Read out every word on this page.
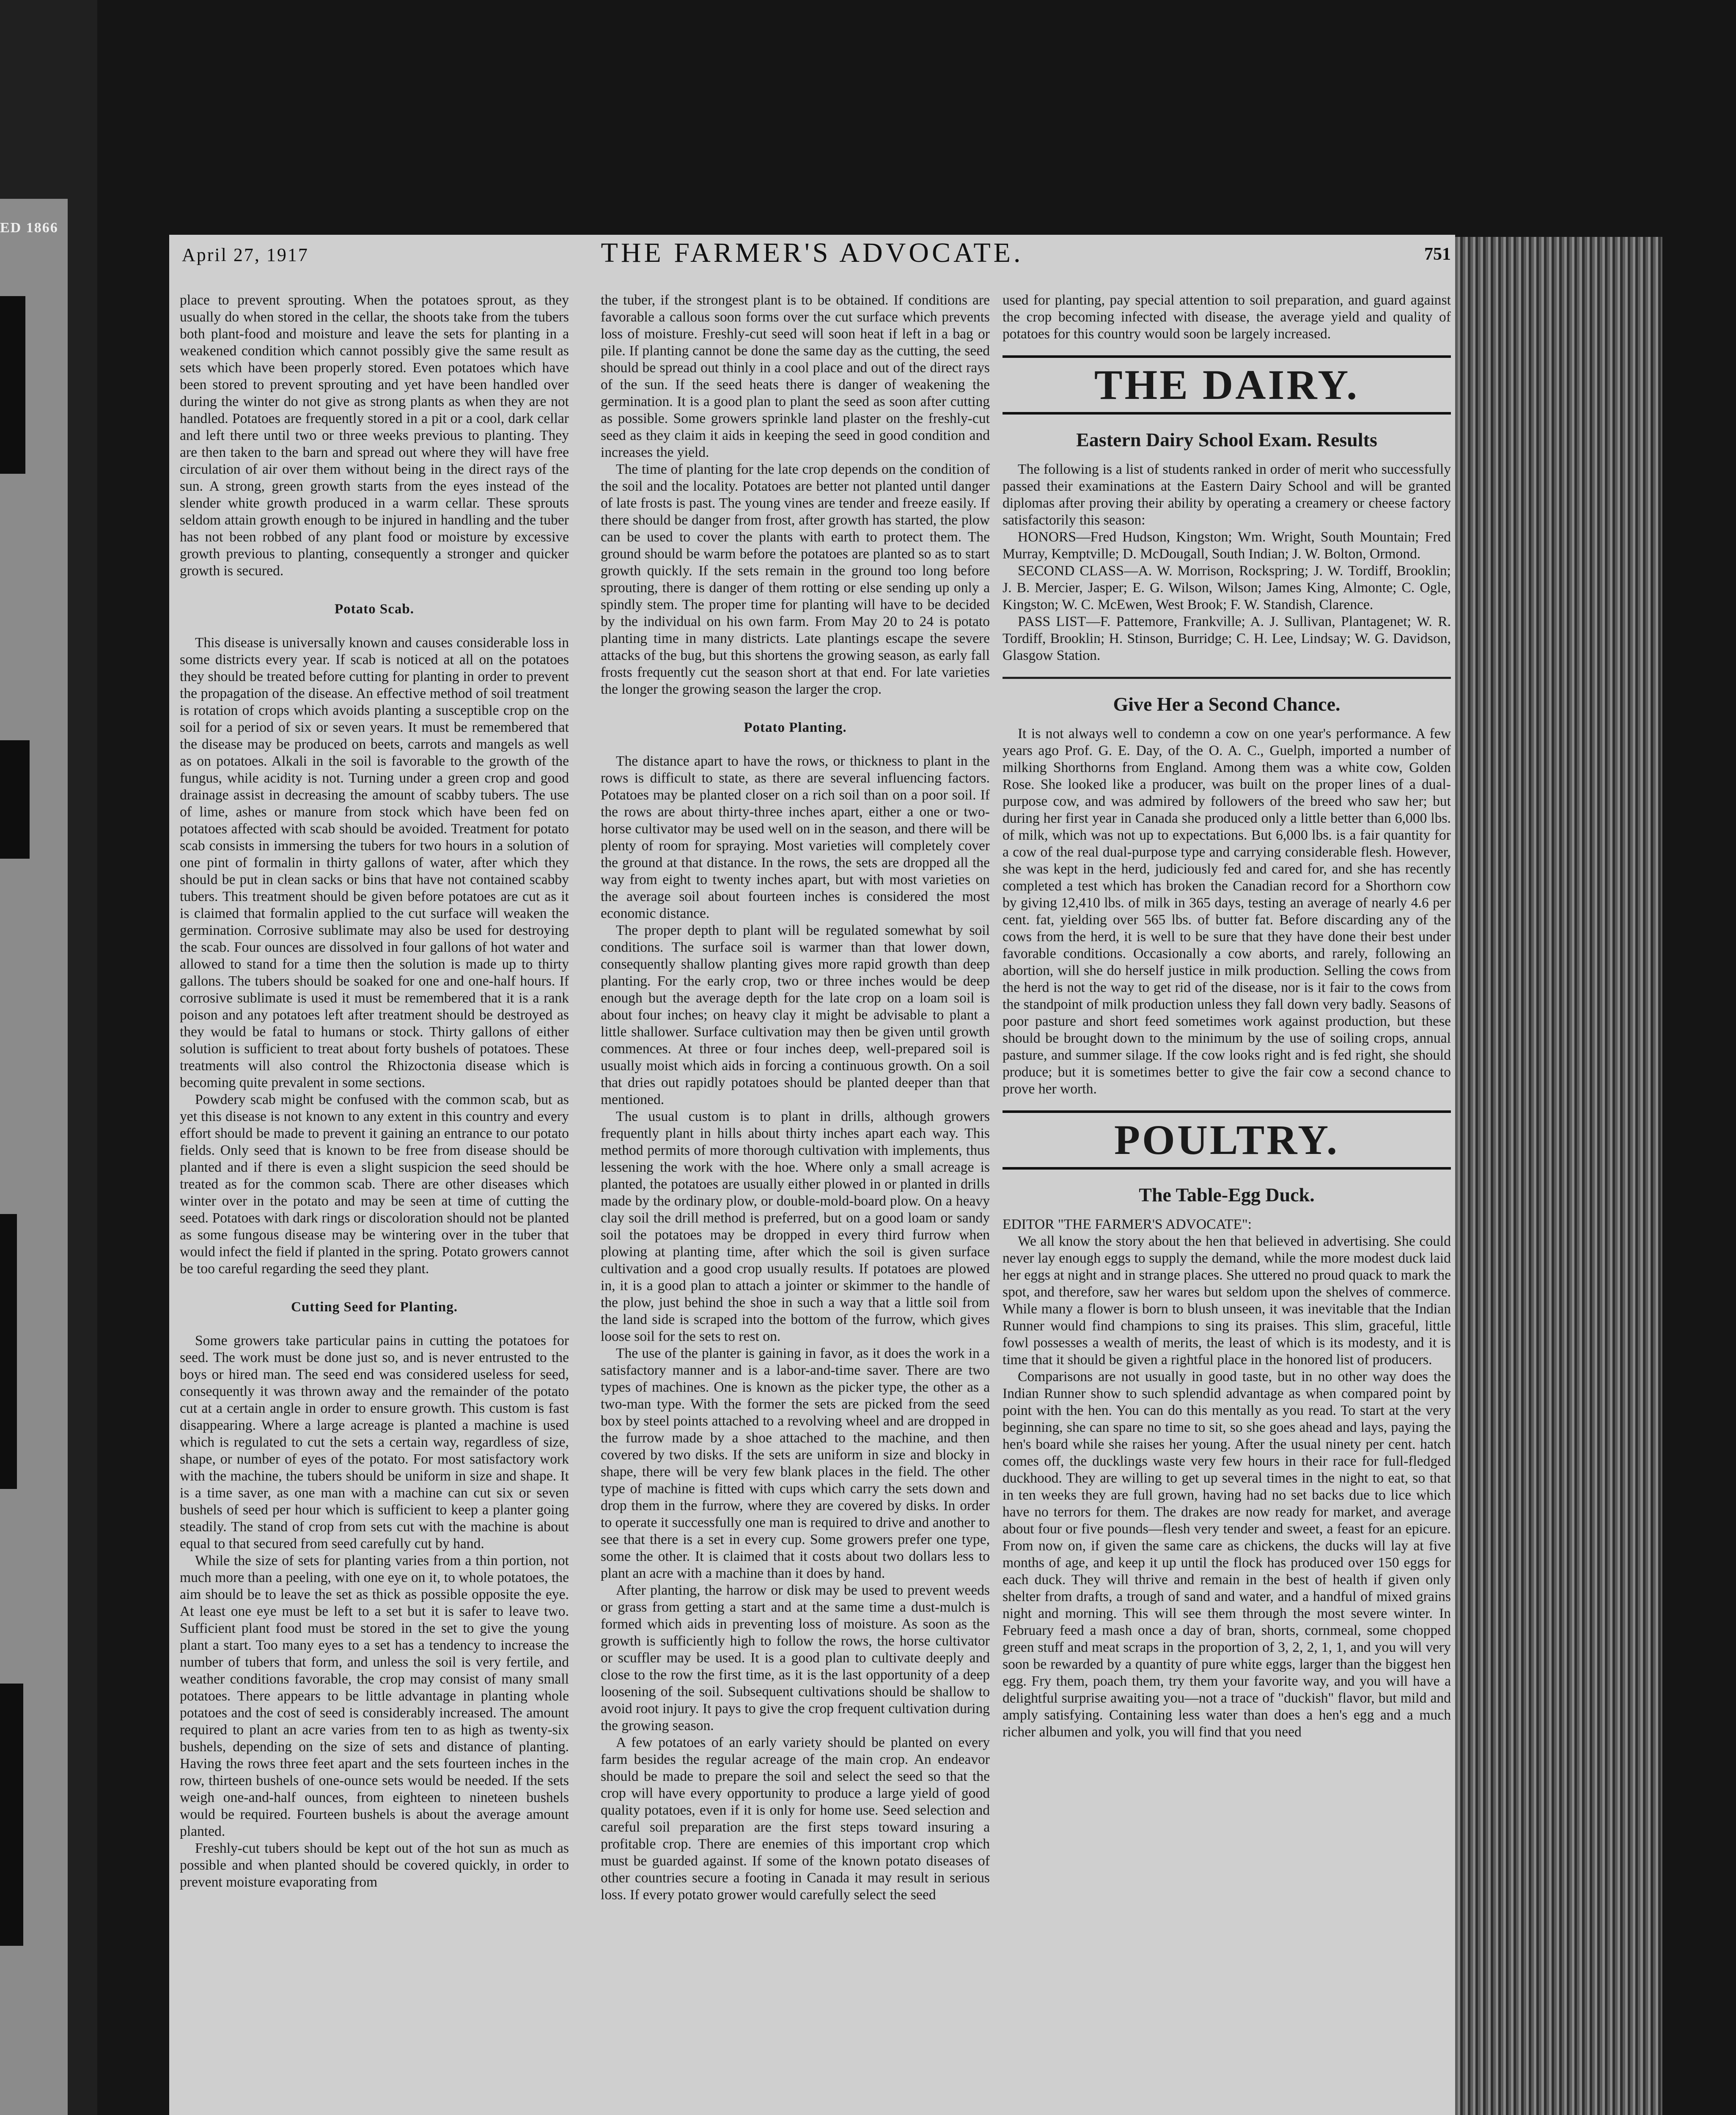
ED 1866
April 27, 1917	THE FARMER'S ADVOCATE.	751

place to prevent sprouting. When the potatoes sprout, as they usually do when stored in the cellar, the shoots take from the tubers both plant-food and moisture and leave the sets for planting in a weakened condition which cannot possibly give the same result as sets which have been properly stored. Even potatoes which have been stored to prevent sprouting and yet have been handled over during the winter do not give as strong plants as when they are not handled. Potatoes are frequently stored in a pit or a cool, dark cellar and left there until two or three weeks previous to planting. They are then taken to the barn and spread out where they will have free circulation of air over them without being in the direct rays of the sun. A strong, green growth starts from the eyes instead of the slender white growth produced in a warm cellar. These sprouts seldom attain growth enough to be injured in handling and the tuber has not been robbed of any plant food or moisture by excessive growth previous to planting, consequently a stronger and quicker growth is secured.

Potato Scab.

This disease is universally known and causes considerable loss in some districts every year. If scab is noticed at all on the potatoes they should be treated before cutting for planting in order to prevent the propagation of the disease. An effective method of soil treatment is rotation of crops which avoids planting a susceptible crop on the soil for a period of six or seven years. It must be remembered that the disease may be produced on beets, carrots and mangels as well as on potatoes. Alkali in the soil is favorable to the growth of the fungus, while acidity is not. Turning under a green crop and good drainage assist in decreasing the amount of scabby tubers. The use of lime, ashes or manure from stock which have been fed on potatoes affected with scab should be avoided. Treatment for potato scab consists in immersing the tubers for two hours in a solution of one pint of formalin in thirty gallons of water, after which they should be put in clean sacks or bins that have not contained scabby tubers. This treatment should be given before potatoes are cut as it is claimed that formalin applied to the cut surface will weaken the germination. Corrosive sublimate may also be used for destroying the scab. Four ounces are dissolved in four gallons of hot water and allowed to stand for a time then the solution is made up to thirty gallons. The tubers should be soaked for one and one-half hours. If corrosive sublimate is used it must be remembered that it is a rank poison and any potatoes left after treatment should be destroyed as they would be fatal to humans or stock. Thirty gallons of either solution is sufficient to treat about forty bushels of potatoes. These treatments will also control the Rhizoctonia disease which is becoming quite prevalent in some sections.

Powdery scab might be confused with the common scab, but as yet this disease is not known to any extent in this country and every effort should be made to prevent it gaining an entrance to our potato fields. Only seed that is known to be free from disease should be planted and if there is even a slight suspicion the seed should be treated as for the common scab. There are other diseases which winter over in the potato and may be seen at time of cutting the seed. Potatoes with dark rings or discoloration should not be planted as some fungous disease may be wintering over in the tuber that would infect the field if planted in the spring. Potato growers cannot be too careful regarding the seed they plant.

Cutting Seed for Planting.

Some growers take particular pains in cutting the potatoes for seed. The work must be done just so, and is never entrusted to the boys or hired man. The seed end was considered useless for seed, consequently it was thrown away and the remainder of the potato cut at a certain angle in order to ensure growth. This custom is fast disappearing. Where a large acreage is planted a machine is used which is regulated to cut the sets a certain way, regardless of size, shape, or number of eyes of the potato. For most satisfactory work with the machine, the tubers should be uniform in size and shape. It is a time saver, as one man with a machine can cut six or seven bushels of seed per hour which is sufficient to keep a planter going steadily. The stand of crop from sets cut with the machine is about equal to that secured from seed carefully cut by hand.

While the size of sets for planting varies from a thin portion, not much more than a peeling, with one eye on it, to whole potatoes, the aim should be to leave the set as thick as possible opposite the eye. At least one eye must be left to a set but it is safer to leave two. Sufficient plant food must be stored in the set to give the young plant a start. Too many eyes to a set has a tendency to increase the number of tubers that form, and unless the soil is very fertile, and weather conditions favorable, the crop may consist of many small potatoes. There appears to be little advantage in planting whole potatoes and the cost of seed is considerably increased. The amount required to plant an acre varies from ten to as high as twenty-six bushels, depending on the size of sets and distance of planting. Having the rows three feet apart and the sets fourteen inches in the row, thirteen bushels of one-ounce sets would be needed. If the sets weigh one-and-half ounces, from eighteen to nineteen bushels would be required. Fourteen bushels is about the average amount planted.

Freshly-cut tubers should be kept out of the hot sun as much as possible and when planted should be covered quickly, in order to prevent moisture evaporating from

the tuber, if the strongest plant is to be obtained. If conditions are favorable a callous soon forms over the cut surface which prevents loss of moisture. Freshly-cut seed will soon heat if left in a bag or pile. If planting cannot be done the same day as the cutting, the seed should be spread out thinly in a cool place and out of the direct rays of the sun. If the seed heats there is danger of weakening the germination. It is a good plan to plant the seed as soon after cutting as possible. Some growers sprinkle land plaster on the freshly-cut seed as they claim it aids in keeping the seed in good condition and increases the yield.

The time of planting for the late crop depends on the condition of the soil and the locality. Potatoes are better not planted until danger of late frosts is past. The young vines are tender and freeze easily. If there should be danger from frost, after growth has started, the plow can be used to cover the plants with earth to protect them. The ground should be warm before the potatoes are planted so as to start growth quickly. If the sets remain in the ground too long before sprouting, there is danger of them rotting or else sending up only a spindly stem. The proper time for planting will have to be decided by the individual on his own farm. From May 20 to 24 is potato planting time in many districts. Late plantings escape the severe attacks of the bug, but this shortens the growing season, as early fall frosts frequently cut the season short at that end. For late varieties the longer the growing season the larger the crop.

Potato Planting.

The distance apart to have the rows, or thickness to plant in the rows is difficult to state, as there are several influencing factors. Potatoes may be planted closer on a rich soil than on a poor soil. If the rows are about thirty-three inches apart, either a one or two-horse cultivator may be used well on in the season, and there will be plenty of room for spraying. Most varieties will completely cover the ground at that distance. In the rows, the sets are dropped all the way from eight to twenty inches apart, but with most varieties on the average soil about fourteen inches is considered the most economic distance.

The proper depth to plant will be regulated somewhat by soil conditions. The surface soil is warmer than that lower down, consequently shallow planting gives more rapid growth than deep planting. For the early crop, two or three inches would be deep enough but the average depth for the late crop on a loam soil is about four inches; on heavy clay it might be advisable to plant a little shallower. Surface cultivation may then be given until growth commences. At three or four inches deep, well-prepared soil is usually moist which aids in forcing a continuous growth. On a soil that dries out rapidly potatoes should be planted deeper than that mentioned.

The usual custom is to plant in drills, although growers frequently plant in hills about thirty inches apart each way. This method permits of more thorough cultivation with implements, thus lessening the work with the hoe. Where only a small acreage is planted, the potatoes are usually either plowed in or planted in drills made by the ordinary plow, or double-mold-board plow. On a heavy clay soil the drill method is preferred, but on a good loam or sandy soil the potatoes may be dropped in every third furrow when plowing at planting time, after which the soil is given surface cultivation and a good crop usually results. If potatoes are plowed in, it is a good plan to attach a jointer or skimmer to the handle of the plow, just behind the shoe in such a way that a little soil from the land side is scraped into the bottom of the furrow, which gives loose soil for the sets to rest on.

The use of the planter is gaining in favor, as it does the work in a satisfactory manner and is a labor-and-time saver. There are two types of machines. One is known as the picker type, the other as a two-man type. With the former the sets are picked from the seed box by steel points attached to a revolving wheel and are dropped in the furrow made by a shoe attached to the machine, and then covered by two disks. If the sets are uniform in size and blocky in shape, there will be very few blank places in the field. The other type of machine is fitted with cups which carry the sets down and drop them in the furrow, where they are covered by disks. In order to operate it successfully one man is required to drive and another to see that there is a set in every cup. Some growers prefer one type, some the other. It is claimed that it costs about two dollars less to plant an acre with a machine than it does by hand.

After planting, the harrow or disk may be used to prevent weeds or grass from getting a start and at the same time a dust-mulch is formed which aids in preventing loss of moisture. As soon as the growth is sufficiently high to follow the rows, the horse cultivator or scuffler may be used. It is a good plan to cultivate deeply and close to the row the first time, as it is the last opportunity of a deep loosening of the soil. Subsequent cultivations should be shallow to avoid root injury. It pays to give the crop frequent cultivation during the growing season.

A few potatoes of an early variety should be planted on every farm besides the regular acreage of the main crop. An endeavor should be made to prepare the soil and select the seed so that the crop will have every opportunity to produce a large yield of good quality potatoes, even if it is only for home use. Seed selection and careful soil preparation are the first steps toward insuring a profitable crop. There are enemies of this important crop which must be guarded against. If some of the known potato diseases of other countries secure a footing in Canada it may result in serious loss. If every potato grower would carefully select the seed

used for planting, pay special attention to soil preparation, and guard against the crop becoming infected with disease, the average yield and quality of potatoes for this country would soon be largely increased.

THE DAIRY.
Eastern Dairy School Exam. Results

The following is a list of students ranked in order of merit who successfully passed their examinations at the Eastern Dairy School and will be granted diplomas after proving their ability by operating a creamery or cheese factory satisfactorily this season:

HONORS—Fred Hudson, Kingston; Wm. Wright, South Mountain; Fred Murray, Kemptville; D. McDougall, South Indian; J. W. Bolton, Ormond.

SECOND CLASS—A. W. Morrison, Rockspring; J. W. Tordiff, Brooklin; J. B. Mercier, Jasper; E. G. Wilson, Wilson; James King, Almonte; C. Ogle, Kingston; W. C. McEwen, West Brook; F. W. Standish, Clarence.

PASS LIST—F. Pattemore, Frankville; A. J. Sullivan, Plantagenet; W. R. Tordiff, Brooklin; H. Stinson, Burridge; C. H. Lee, Lindsay; W. G. Davidson, Glasgow Station.

Give Her a Second Chance.

It is not always well to condemn a cow on one year's performance. A few years ago Prof. G. E. Day, of the O. A. C., Guelph, imported a number of milking Shorthorns from England. Among them was a white cow, Golden Rose. She looked like a producer, was built on the proper lines of a dual-purpose cow, and was admired by followers of the breed who saw her; but during her first year in Canada she produced only a little better than 6,000 lbs. of milk, which was not up to expectations. But 6,000 lbs. is a fair quantity for a cow of the real dual-purpose type and carrying considerable flesh. However, she was kept in the herd, judiciously fed and cared for, and she has recently completed a test which has broken the Canadian record for a Shorthorn cow by giving 12,410 lbs. of milk in 365 days, testing an average of nearly 4.6 per cent. fat, yielding over 565 lbs. of butter fat. Before discarding any of the cows from the herd, it is well to be sure that they have done their best under favorable conditions. Occasionally a cow aborts, and rarely, following an abortion, will she do herself justice in milk production. Selling the cows from the herd is not the way to get rid of the disease, nor is it fair to the cows from the standpoint of milk production unless they fall down very badly. Seasons of poor pasture and short feed sometimes work against production, but these should be brought down to the minimum by the use of soiling crops, annual pasture, and summer silage. If the cow looks right and is fed right, she should produce; but it is sometimes better to give the fair cow a second chance to prove her worth.

POULTRY.
The Table-Egg Duck.

EDITOR "THE FARMER'S ADVOCATE":

We all know the story about the hen that believed in advertising. She could never lay enough eggs to supply the demand, while the more modest duck laid her eggs at night and in strange places. She uttered no proud quack to mark the spot, and therefore, saw her wares but seldom upon the shelves of commerce. While many a flower is born to blush unseen, it was inevitable that the Indian Runner would find champions to sing its praises. This slim, graceful, little fowl possesses a wealth of merits, the least of which is its modesty, and it is time that it should be given a rightful place in the honored list of producers.

Comparisons are not usually in good taste, but in no other way does the Indian Runner show to such splendid advantage as when compared point by point with the hen. You can do this mentally as you read. To start at the very beginning, she can spare no time to sit, so she goes ahead and lays, paying the hen's board while she raises her young. After the usual ninety per cent. hatch comes off, the ducklings waste very few hours in their race for full-fledged duckhood. They are willing to get up several times in the night to eat, so that in ten weeks they are full grown, having had no set backs due to lice which have no terrors for them. The drakes are now ready for market, and average about four or five pounds—flesh very tender and sweet, a feast for an epicure. From now on, if given the same care as chickens, the ducks will lay at five months of age, and keep it up until the flock has produced over 150 eggs for each duck. They will thrive and remain in the best of health if given only shelter from drafts, a trough of sand and water, and a handful of mixed grains night and morning. This will see them through the most severe winter. In February feed a mash once a day of bran, shorts, cornmeal, some chopped green stuff and meat scraps in the proportion of 3, 2, 2, 1, 1, and you will very soon be rewarded by a quantity of pure white eggs, larger than the biggest hen egg. Fry them, poach them, try them your favorite way, and you will have a delightful surprise awaiting you—not a trace of "duckish" flavor, but mild and amply satisfying. Containing less water than does a hen's egg and a much richer albumen and yolk, you will find that you need
